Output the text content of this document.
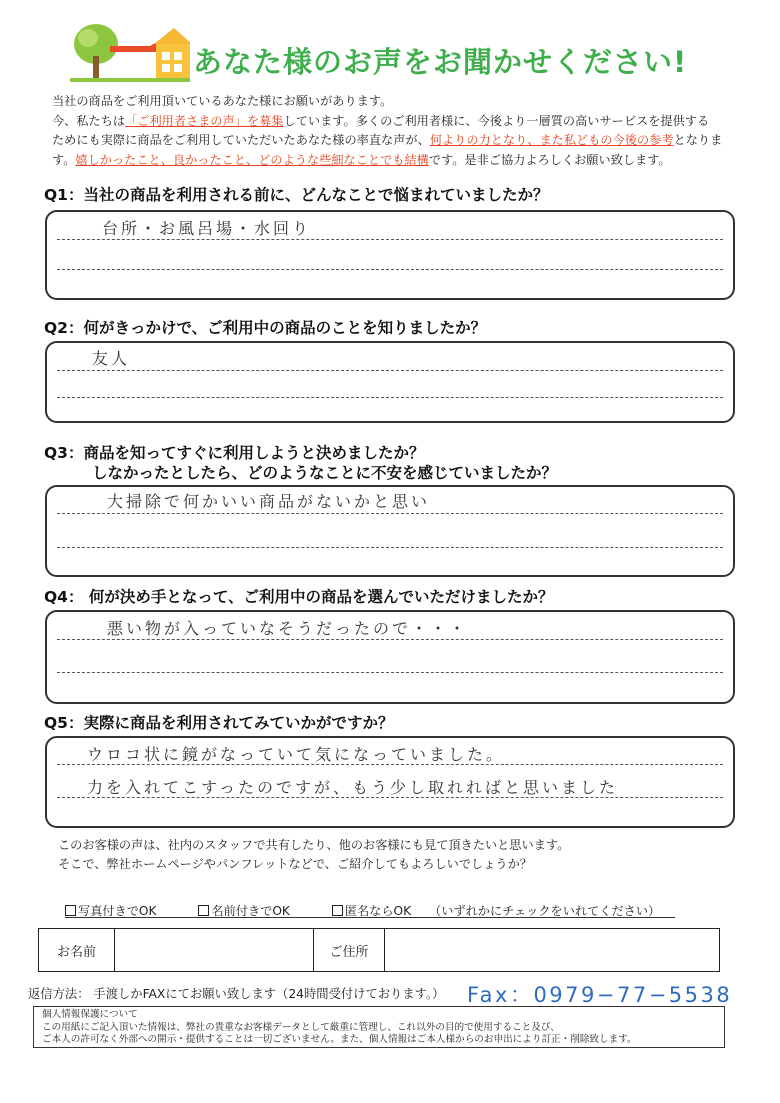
あなた様のお声をお聞かせください!
当社の商品をご利用頂いているあなた様にお願いがあります。
今、私たちは「ご利用者さまの声」を募集しています。多くのご利用者様に、今後より一層質の高いサービスを提供する
ためにも実際に商品をご利用していただいたあなた様の率直な声が、何よりの力となり、また私どもの今後の参考となりま
す。嬉しかったこと、良かったこと、どのような些細なことでも結構です。是非ご協力よろしくお願い致します。
Q1：当社の商品を利用される前に、どんなことで悩まれていましたか？
台所・お風呂場・水回り
Q2：何がきっかけで、ご利用中の商品のことを知りましたか？
友人
Q3：商品を知ってすぐに利用しようと決めましたか？
しなかったとしたら、どのようなことに不安を感じていましたか？
大掃除で何かいい商品がないかと思い
Q4： 何が決め手となって、ご利用中の商品を選んでいただけましたか？
悪い物が入っていなそうだったので・・・
Q5：実際に商品を利用されてみていかがですか？
ウロコ状に鏡がなっていて気になっていました。
力を入れてこすったのですが、もう少し取れればと思いました
このお客様の声は、社内のスタッフで共有したり、他のお客様にも見て頂きたいと思います。
そこで、弊社ホームページやパンフレットなどで、ご紹介してもよろしいでしょうか？
写真付きでOK	名前付きでOK	匿名ならOK （いずれかにチェックをいれてください）
お名前	ご住所
返信方法： 手渡しかFAXにてお願い致します（24時間受付けております。） Fax：0979−77−5538
個人情報保護について
この用紙にご記入頂いた情報は、弊社の貴重なお客様データとして厳重に管理し、これ以外の目的で使用すること及び、
ご本人の許可なく外部への開示・提供することは一切ございません。また、個人情報はご本人様からのお申出により訂正・削除致します。
